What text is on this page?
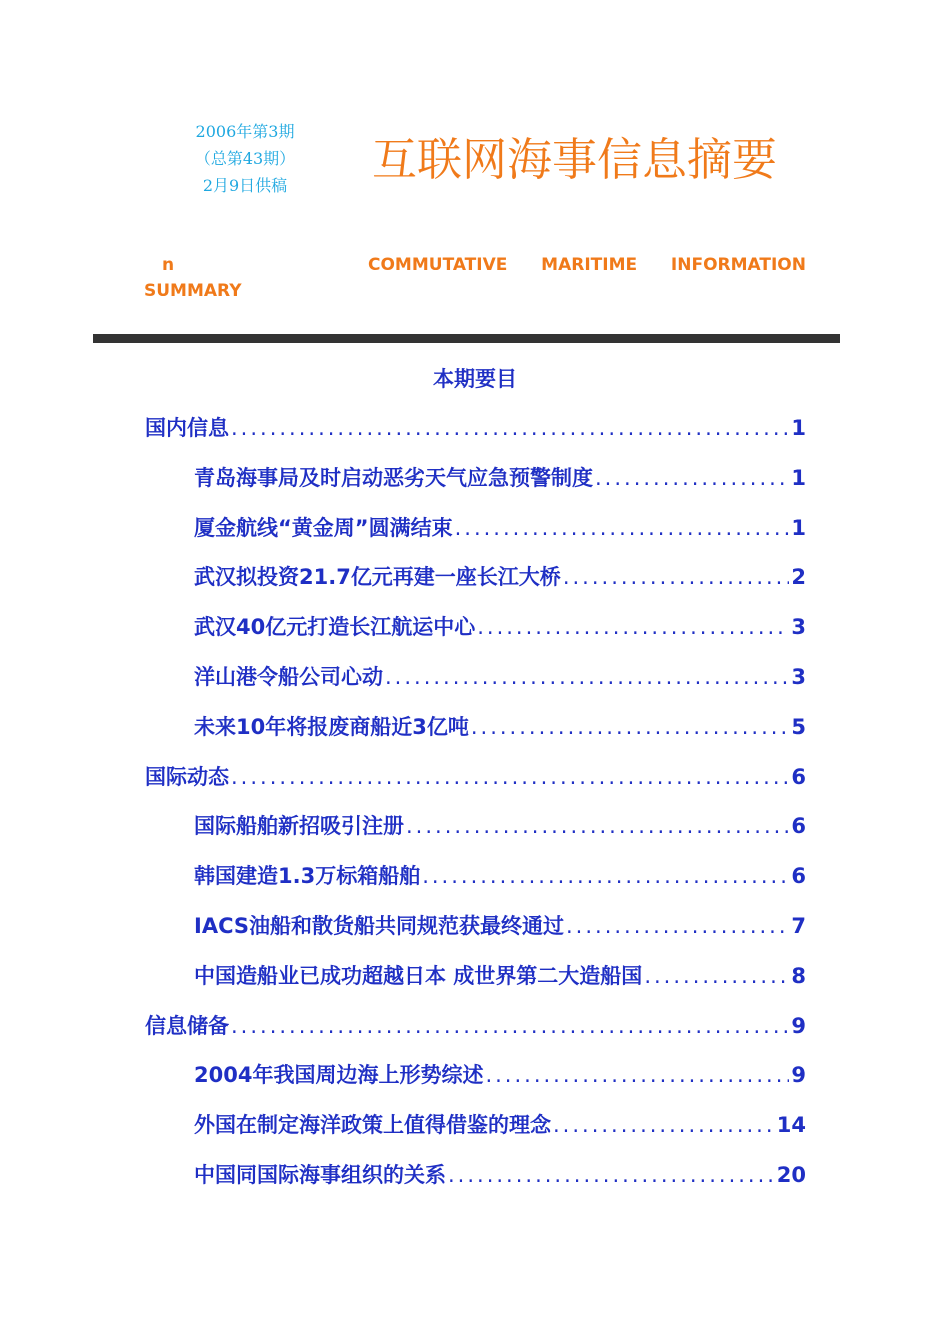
2006年第3期
（总第43期）
2月9日供稿	互联网海事信息摘要
n
SUMMARY
COMMUTATIVE MARITIME INFORMATION
本期要目
国内信息 .....	1
青岛海事局及时启动恶劣天气应急预警制度 .....	1
厦金航线“黄金周”圆满结束 .....	1
武汉拟投资21.7亿元再建一座长江大桥 .....	2
武汉40亿元打造长江航运中心 .....	3
洋山港令船公司心动 .....	3
未来10年将报废商船近3亿吨 .....	5
国际动态 .....	6
国际船舶新招吸引注册 .....	6
韩国建造1.3万标箱船舶 .....	6
IACS油船和散货船共同规范获最终通过 .....	7
中国造船业已成功超越日本 成世界第二大造船国 .....	8
信息储备 .....	9
2004年我国周边海上形势综述 .....	9
外国在制定海洋政策上值得借鉴的理念 .....	14
中国同国际海事组织的关系 .....	20
